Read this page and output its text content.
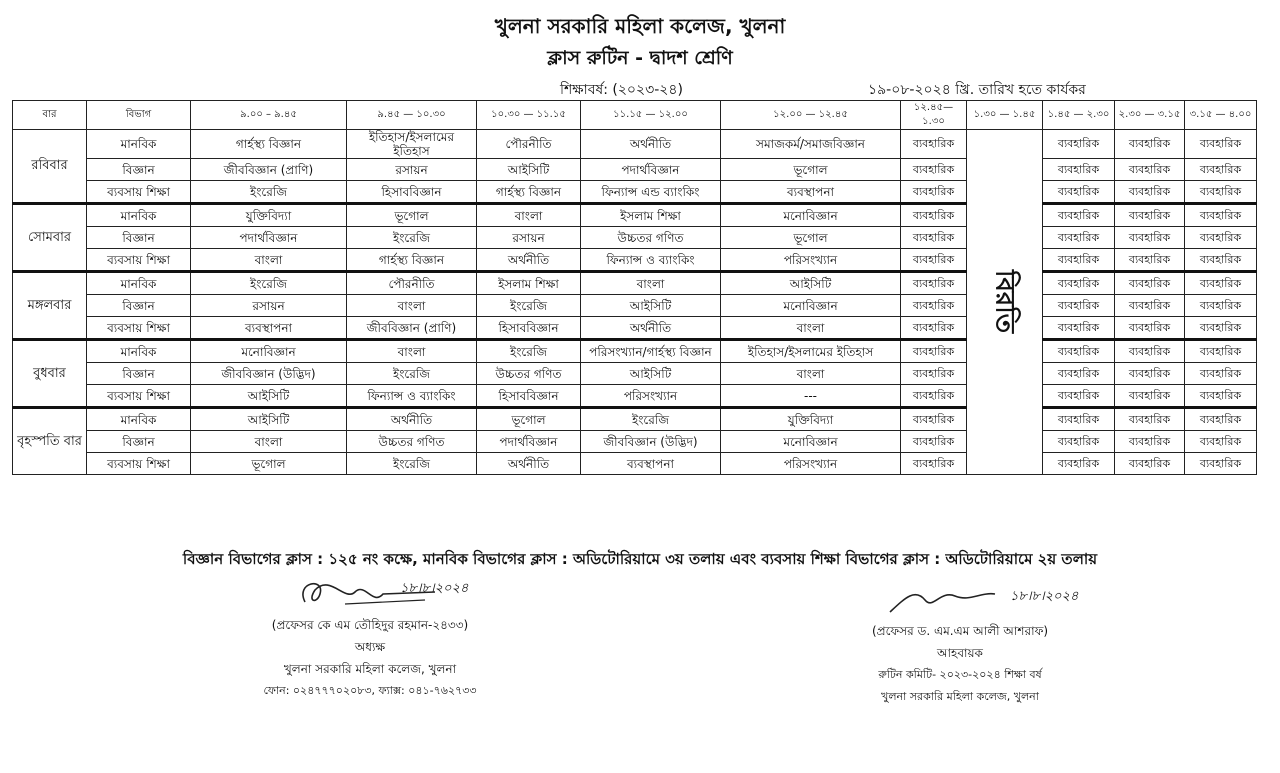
খুলনা সরকারি মহিলা কলেজ, খুলনা
ক্লাস রুটিন - দ্বাদশ শ্রেণি
শিক্ষাবর্ষ: (২০২৩-২৪)	১৯-০৮-২০২৪ খ্রি. তারিখ হতে কার্যকর
বার	বিভাগ	৯.০০ – ৯.৪৫	৯.৪৫ — ১০.৩০	১০.৩০ — ১১.১৫	১১.১৫ — ১২.০০	১২.০০ — ১২.৪৫	১২.৪৫—১.৩০	১.৩০ — ১.৪৫	১.৪৫ — ২.৩০	২.৩০ — ৩.১৫	৩.১৫ — ৪.০০
রবিবার	মানবিক	গার্হস্থ্য বিজ্ঞান	ইতিহাস/ইসলামের ইতিহাস	পৌরনীতি	অর্থনীতি	সমাজকর্ম/সমাজবিজ্ঞান	ব্যবহারিক	বিরতি	ব্যবহারিক	ব্যবহারিক	ব্যবহারিক
	বিজ্ঞান	জীববিজ্ঞান (প্রাণি)	রসায়ন	আইসিটি	পদার্থবিজ্ঞান	ভূগোল	ব্যবহারিক		ব্যবহারিক	ব্যবহারিক	ব্যবহারিক
	ব্যবসায় শিক্ষা	ইংরেজি	হিসাববিজ্ঞান	গার্হস্থ্য বিজ্ঞান	ফিন্যান্স এন্ড ব্যাংকিং	ব্যবস্থাপনা	ব্যবহারিক		ব্যবহারিক	ব্যবহারিক	ব্যবহারিক
সোমবার	মানবিক	যুক্তিবিদ্যা	ভূগোল	বাংলা	ইসলাম শিক্ষা	মনোবিজ্ঞান	ব্যবহারিক		ব্যবহারিক	ব্যবহারিক	ব্যবহারিক
	বিজ্ঞান	পদার্থবিজ্ঞান	ইংরেজি	রসায়ন	উচ্চতর গণিত	ভূগোল	ব্যবহারিক		ব্যবহারিক	ব্যবহারিক	ব্যবহারিক
	ব্যবসায় শিক্ষা	বাংলা	গার্হস্থ্য বিজ্ঞান	অর্থনীতি	ফিন্যান্স ও ব্যাংকিং	পরিসংখ্যান	ব্যবহারিক		ব্যবহারিক	ব্যবহারিক	ব্যবহারিক
মঙ্গলবার	মানবিক	ইংরেজি	পৌরনীতি	ইসলাম শিক্ষা	বাংলা	আইসিটি	ব্যবহারিক		ব্যবহারিক	ব্যবহারিক	ব্যবহারিক
	বিজ্ঞান	রসায়ন	বাংলা	ইংরেজি	আইসিটি	মনোবিজ্ঞান	ব্যবহারিক		ব্যবহারিক	ব্যবহারিক	ব্যবহারিক
	ব্যবসায় শিক্ষা	ব্যবস্থাপনা	জীববিজ্ঞান (প্রাণি)	হিসাববিজ্ঞান	অর্থনীতি	বাংলা	ব্যবহারিক		ব্যবহারিক	ব্যবহারিক	ব্যবহারিক
বুধবার	মানবিক	মনোবিজ্ঞান	বাংলা	ইংরেজি	পরিসংখ্যান/গার্হস্থ্য বিজ্ঞান	ইতিহাস/ইসলামের ইতিহাস	ব্যবহারিক		ব্যবহারিক	ব্যবহারিক	ব্যবহারিক
	বিজ্ঞান	জীববিজ্ঞান (উদ্ভিদ)	ইংরেজি	উচ্চতর গণিত	আইসিটি	বাংলা	ব্যবহারিক		ব্যবহারিক	ব্যবহারিক	ব্যবহারিক
	ব্যবসায় শিক্ষা	আইসিটি	ফিন্যান্স ও ব্যাংকিং	হিসাববিজ্ঞান	পরিসংখ্যান	---	ব্যবহারিক		ব্যবহারিক	ব্যবহারিক	ব্যবহারিক
বৃহস্পতি বার	মানবিক	আইসিটি	অর্থনীতি	ভূগোল	ইংরেজি	যুক্তিবিদ্যা	ব্যবহারিক		ব্যবহারিক	ব্যবহারিক	ব্যবহারিক
	বিজ্ঞান	বাংলা	উচ্চতর গণিত	পদার্থবিজ্ঞান	জীববিজ্ঞান (উদ্ভিদ)	মনোবিজ্ঞান	ব্যবহারিক		ব্যবহারিক	ব্যবহারিক	ব্যবহারিক
	ব্যবসায় শিক্ষা	ভূগোল	ইংরেজি	অর্থনীতি	ব্যবস্থাপনা	পরিসংখ্যান	ব্যবহারিক		ব্যবহারিক	ব্যবহারিক	ব্যবহারিক
বিজ্ঞান বিভাগের ক্লাস : ১২৫ নং কক্ষে, মানবিক বিভাগের ক্লাস : অডিটোরিয়ামে ৩য় তলায় এবং ব্যবসায় শিক্ষা বিভাগের ক্লাস : অডিটোরিয়ামে ২য় তলায়
১৮।৮।২০২৪
(প্রফেসর কে এম তৌহিদুর রহমান-২৪৩৩)
অধ্যক্ষ
খুলনা সরকারি মহিলা কলেজ, খুলনা
ফোন: ০২৪৭৭৭০২০৮৩, ফ্যাক্স: ০৪১-৭৬২৭৩৩
১৮।৮।২০২৪
(প্রফেসর ড. এম.এম আলী আশরাফ)
আহবায়ক
রুটিন কমিটি- ২০২৩-২০২৪ শিক্ষা বর্ষ
খুলনা সরকারি মহিলা কলেজ, খুলনা
